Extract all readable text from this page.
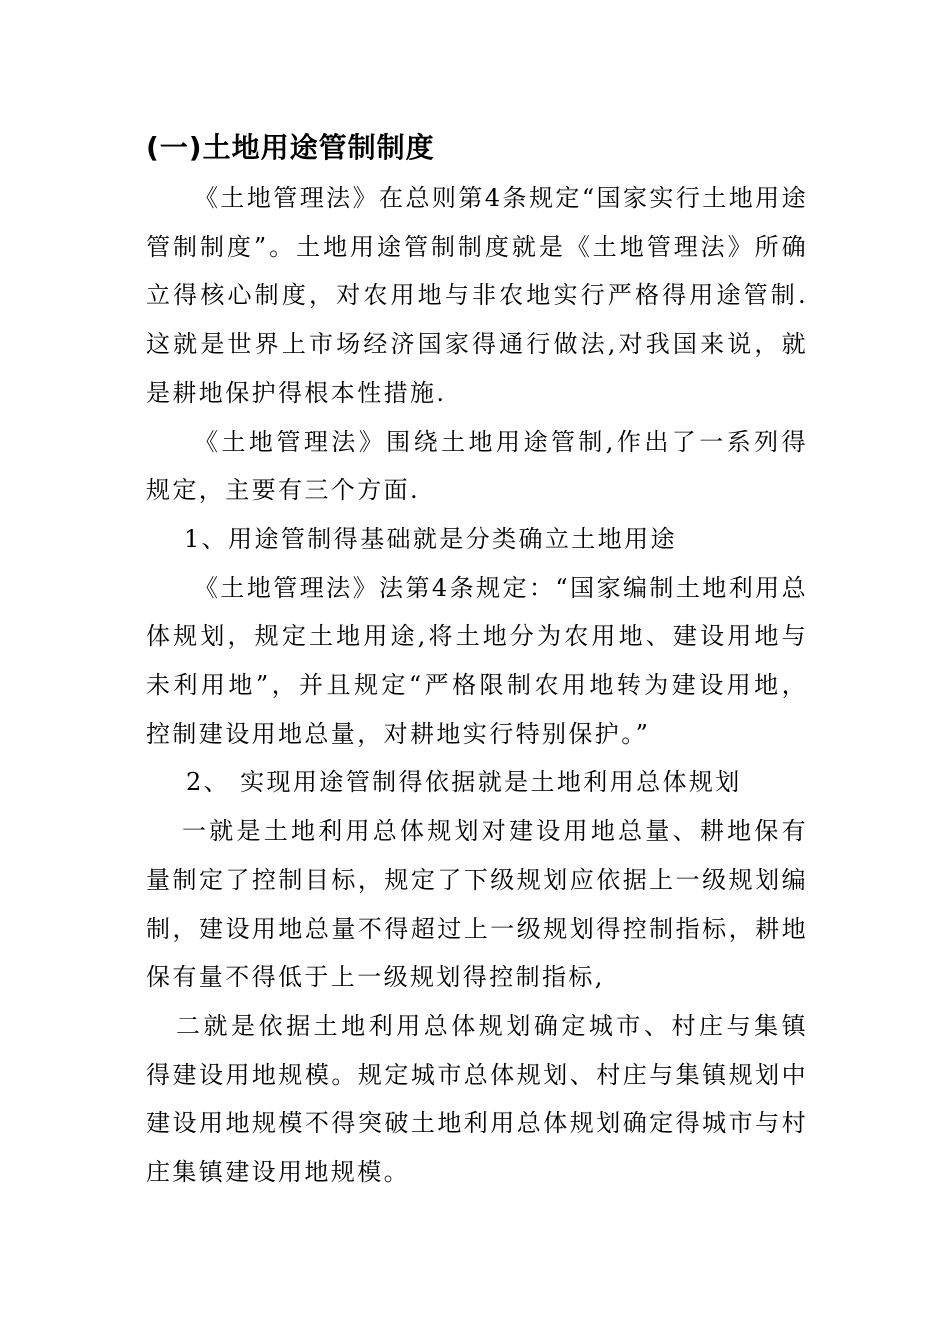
(一)土地用途管制制度

《土地管理法》在总则第4条规定“国家实行土地用途管制制度”。土地用途管制制度就是《土地管理法》所确立得核心制度，对农用地与非农地实行严格得用途管制.这就是世界上市场经济国家得通行做法,对我国来说，就是耕地保护得根本性措施.

《土地管理法》围绕土地用途管制,作出了一系列得规定，主要有三个方面.

1、用途管制得基础就是分类确立土地用途

《土地管理法》法第4条规定：“国家编制土地利用总体规划，规定土地用途,将土地分为农用地、建设用地与未利用地”，并且规定“严格限制农用地转为建设用地，控制建设用地总量，对耕地实行特别保护。”

2、 实现用途管制得依据就是土地利用总体规划

一就是土地利用总体规划对建设用地总量、耕地保有量制定了控制目标，规定了下级规划应依据上一级规划编制，建设用地总量不得超过上一级规划得控制指标，耕地保有量不得低于上一级规划得控制指标,

二就是依据土地利用总体规划确定城市、村庄与集镇得建设用地规模。规定城市总体规划、村庄与集镇规划中建设用地规模不得突破土地利用总体规划确定得城市与村庄集镇建设用地规模。
